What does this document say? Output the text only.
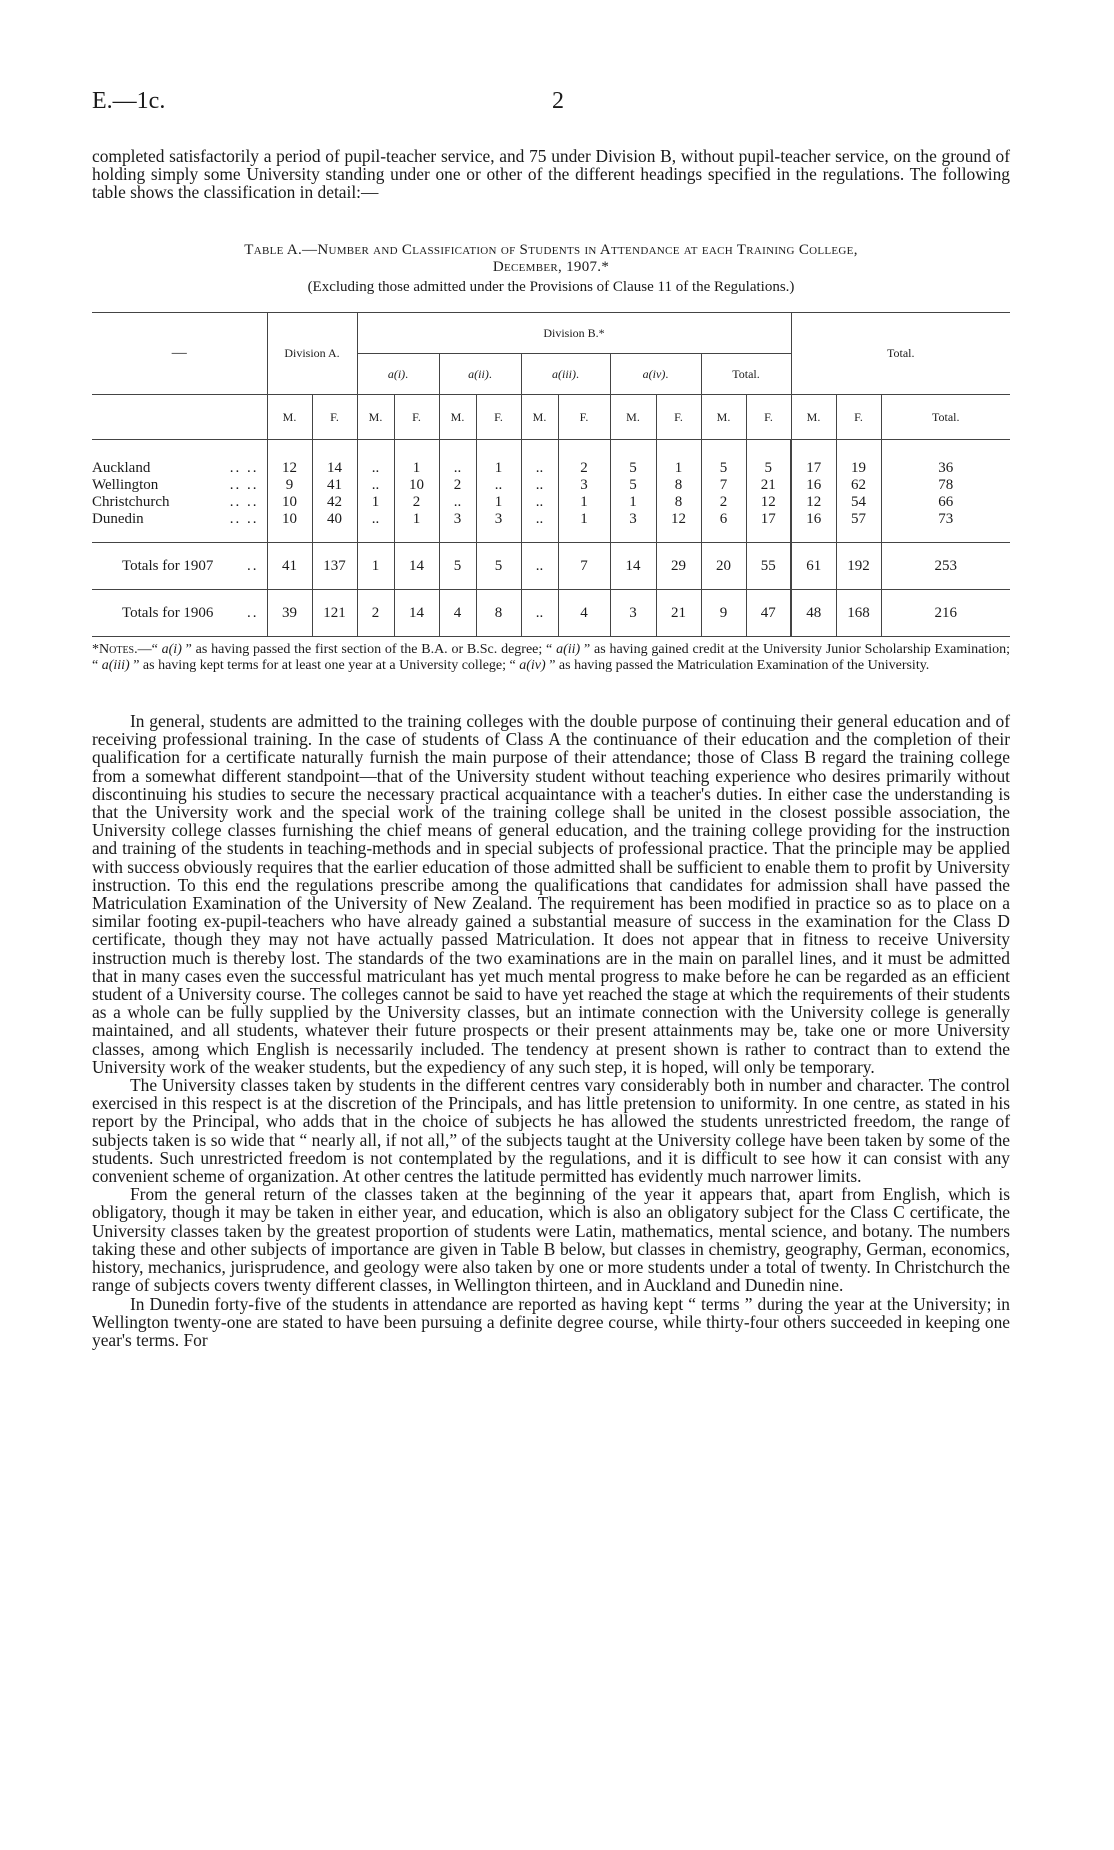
E.—1c.	2

completed satisfactorily a period of pupil-teacher service, and 75 under Division B, without pupil-teacher service, on the ground of holding simply some University standing under one or other of the different headings specified in the regulations. The following table shows the classification in detail:—

Table A.—Number and Classification of Students in Attendance at each Training College,
December, 1907.*
(Excluding those admitted under the Provisions of Clause 11 of the Regulations.)
—	Division A.		Division B.*										Total.		
			a(i).		a(ii).		a(iii).		a(iv).		Total.				
	M.	F.	M.	F.	M.	F.	M.	F.	M.	F.	M.	F.	M.	F.	Total.
Auckland .. ..	12	14	..	1	..	1	..	2	5	1	5	5	17	19	36
Wellington .. ..	9	41	..	10	2	..	..	3	5	8	7	21	16	62	78
Christchurch .. ..	10	42	1	2	..	1	..	1	1	8	2	12	12	54	66
Dunedin .. ..	10	40	..	1	3	3	..	1	3	12	6	17	16	57	73
Totals for 1907 ..	41	137	1	14	5	5	..	7	14	29	20	55	61	192	253
Totals for 1906 ..	39	121	2	14	4	8	..	4	3	21	9	47	48	168	216

*Notes.—“ a(i) ” as having passed the first section of the B.A. or B.Sc. degree; “ a(ii) ” as having gained credit at the University Junior Scholarship Examination; “ a(iii) ” as having kept terms for at least one year at a University college; “ a(iv) ” as having passed the Matriculation Examination of the University.

In general, students are admitted to the training colleges with the double purpose of continuing their general education and of receiving professional training. In the case of students of Class A the continuance of their education and the completion of their qualification for a certificate naturally furnish the main purpose of their attendance; those of Class B regard the training college from a somewhat different standpoint—that of the University student without teaching experience who desires primarily without discontinuing his studies to secure the necessary practical acquaintance with a teacher's duties. In either case the understanding is that the University work and the special work of the training college shall be united in the closest possible association, the University college classes furnishing the chief means of general education, and the training college providing for the instruction and training of the students in teaching-methods and in special subjects of professional practice. That the principle may be applied with success obviously requires that the earlier education of those admitted shall be sufficient to enable them to profit by University instruction. To this end the regulations prescribe among the qualifications that candidates for admission shall have passed the Matriculation Examination of the University of New Zealand. The requirement has been modified in practice so as to place on a similar footing ex-pupil-teachers who have already gained a substantial measure of success in the examination for the Class D certificate, though they may not have actually passed Matriculation. It does not appear that in fitness to receive University instruction much is thereby lost. The standards of the two examinations are in the main on parallel lines, and it must be admitted that in many cases even the successful matriculant has yet much mental progress to make before he can be regarded as an efficient student of a University course. The colleges cannot be said to have yet reached the stage at which the requirements of their students as a whole can be fully supplied by the University classes, but an intimate connection with the University college is generally maintained, and all students, whatever their future prospects or their present attainments may be, take one or more University classes, among which English is necessarily included. The tendency at present shown is rather to contract than to extend the University work of the weaker students, but the expediency of any such step, it is hoped, will only be temporary.

The University classes taken by students in the different centres vary considerably both in number and character. The control exercised in this respect is at the discretion of the Principals, and has little pretension to uniformity. In one centre, as stated in his report by the Principal, who adds that in the choice of subjects he has allowed the students unrestricted freedom, the range of subjects taken is so wide that “ nearly all, if not all,” of the subjects taught at the University college have been taken by some of the students. Such unrestricted freedom is not contemplated by the regulations, and it is difficult to see how it can consist with any convenient scheme of organization. At other centres the latitude permitted has evidently much narrower limits.

From the general return of the classes taken at the beginning of the year it appears that, apart from English, which is obligatory, though it may be taken in either year, and education, which is also an obligatory subject for the Class C certificate, the University classes taken by the greatest proportion of students were Latin, mathematics, mental science, and botany. The numbers taking these and other subjects of importance are given in Table B below, but classes in chemistry, geography, German, economics, history, mechanics, jurisprudence, and geology were also taken by one or more students under a total of twenty. In Christchurch the range of subjects covers twenty different classes, in Wellington thirteen, and in Auckland and Dunedin nine.

In Dunedin forty-five of the students in attendance are reported as having kept “ terms ” during the year at the University; in Wellington twenty-one are stated to have been pursuing a definite degree course, while thirty-four others succeeded in keeping one year's terms. For
